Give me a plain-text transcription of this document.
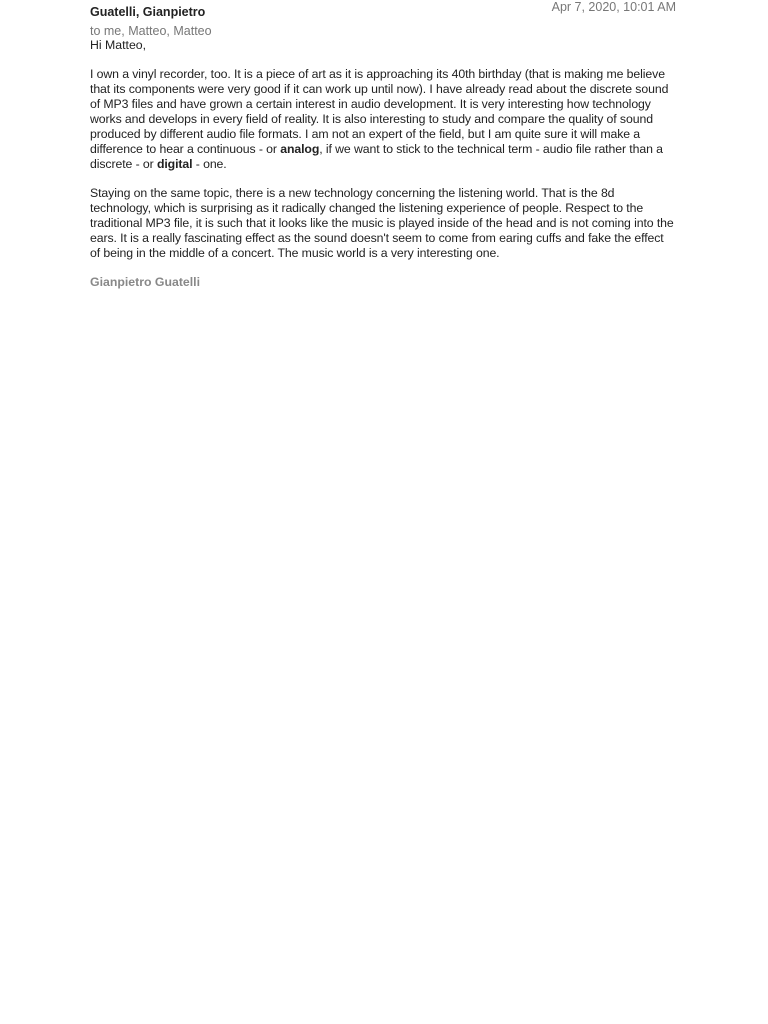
Guatelli, Gianpietro	Apr 7, 2020, 10:01 AM
to me, Matteo, Matteo

Hi Matteo,

I own a vinyl recorder, too. It is a piece of art as it is approaching its 40th birthday (that is making me believe that its components were very good if it can work up until now). I have already read about the discrete sound of MP3 files and have grown a certain interest in audio development. It is very interesting how technology works and develops in every field of reality. It is also interesting to study and compare the quality of sound produced by different audio file formats. I am not an expert of the field, but I am quite sure it will make a difference to hear a continuous - or analog, if we want to stick to the technical term - audio file rather than a discrete - or digital - one.

Staying on the same topic, there is a new technology concerning the listening world. That is the 8d technology, which is surprising as it radically changed the listening experience of people. Respect to the traditional MP3 file, it is such that it looks like the music is played inside of the head and is not coming into the ears. It is a really fascinating effect as the sound doesn't seem to come from earing cuffs and fake the effect of being in the middle of a concert. The music world is a very interesting one.

Gianpietro Guatelli
